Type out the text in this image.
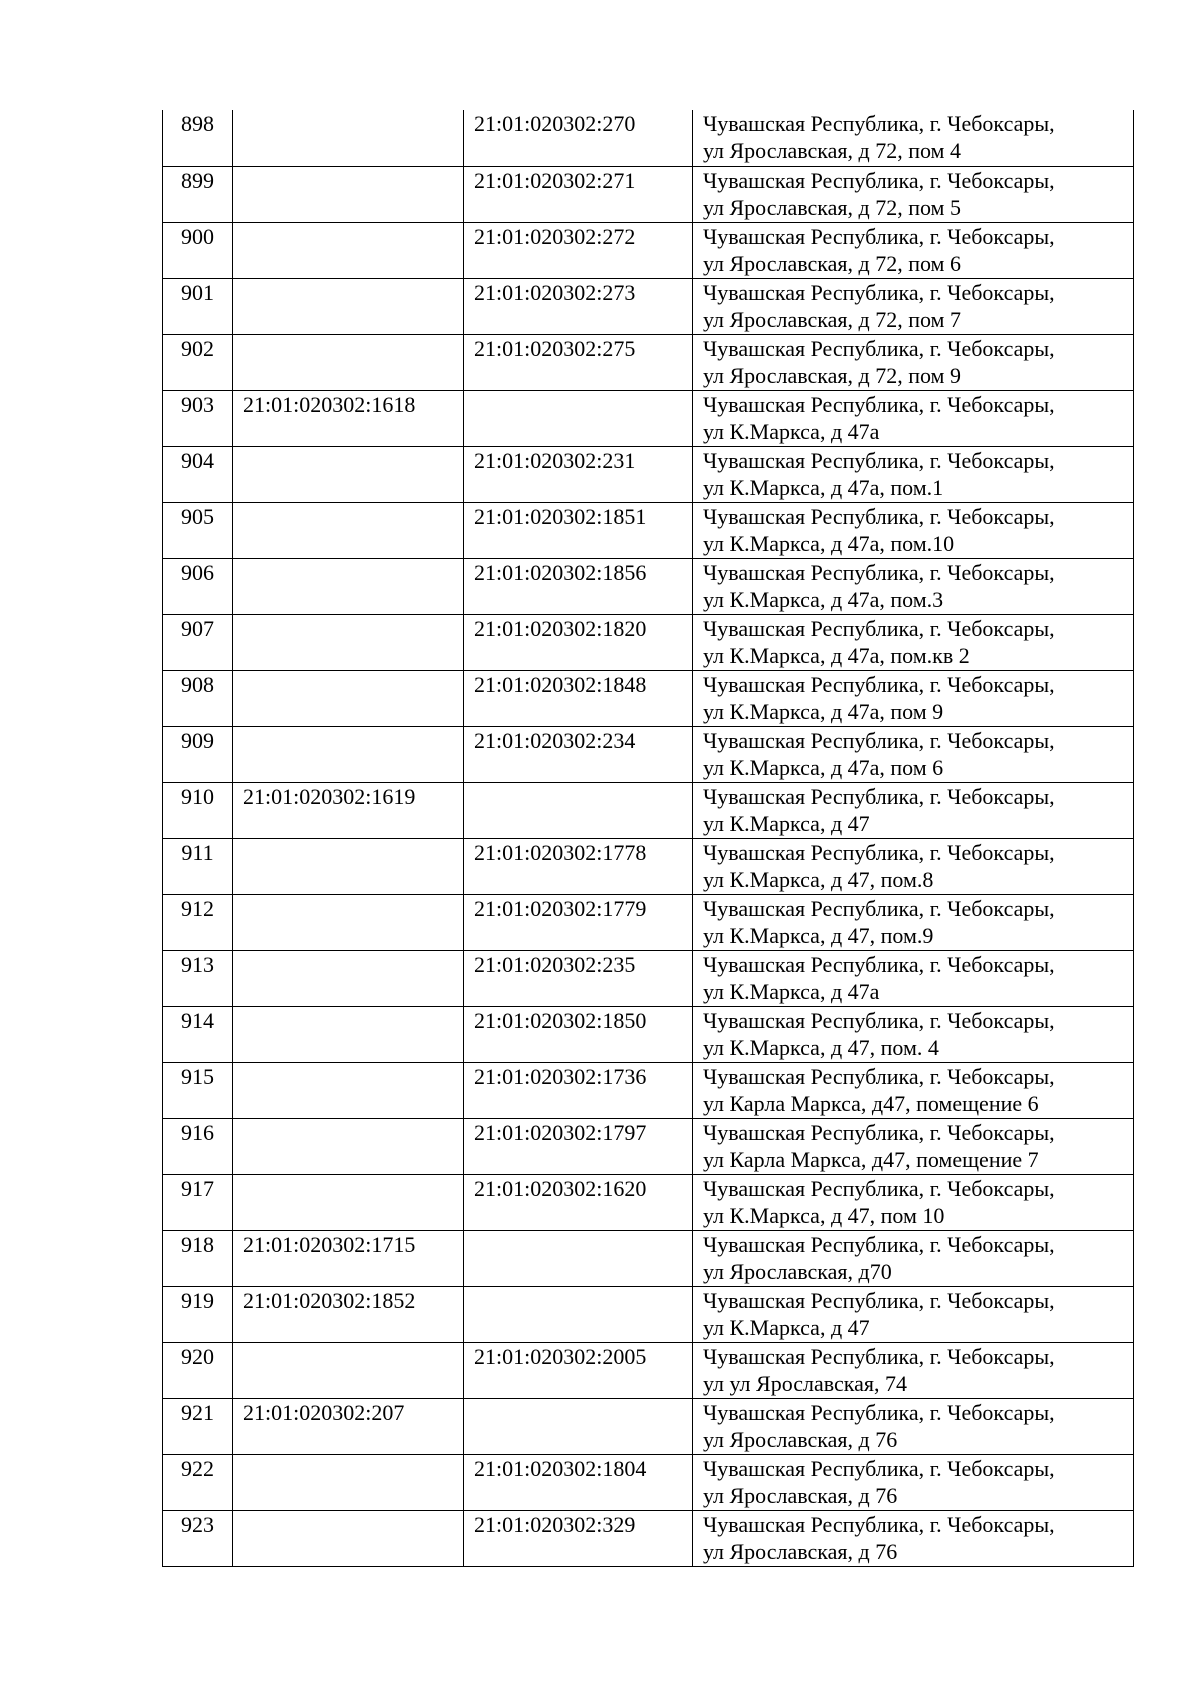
898		21:01:020302:270	Чувашская Республика, г. Чебоксары,
ул Ярославская, д 72, пом 4

899		21:01:020302:271	Чувашская Республика, г. Чебоксары,
ул Ярославская, д 72, пом 5

900		21:01:020302:272	Чувашская Республика, г. Чебоксары,
ул Ярославская, д 72, пом 6

901		21:01:020302:273	Чувашская Республика, г. Чебоксары,
ул Ярославская, д 72, пом 7

902		21:01:020302:275	Чувашская Республика, г. Чебоксары,
ул Ярославская, д 72, пом 9

903	21:01:020302:1618		Чувашская Республика, г. Чебоксары,
ул К.Маркса, д 47а

904		21:01:020302:231	Чувашская Республика, г. Чебоксары,
ул К.Маркса, д 47а, пом.1

905		21:01:020302:1851	Чувашская Республика, г. Чебоксары,
ул К.Маркса, д 47а, пом.10

906		21:01:020302:1856	Чувашская Республика, г. Чебоксары,
ул К.Маркса, д 47а, пом.3

907		21:01:020302:1820	Чувашская Республика, г. Чебоксары,
ул К.Маркса, д 47а, пом.кв 2

908		21:01:020302:1848	Чувашская Республика, г. Чебоксары,
ул К.Маркса, д 47а, пом 9

909		21:01:020302:234	Чувашская Республика, г. Чебоксары,
ул К.Маркса, д 47а, пом 6

910	21:01:020302:1619		Чувашская Республика, г. Чебоксары,
ул К.Маркса, д 47

911		21:01:020302:1778	Чувашская Республика, г. Чебоксары,
ул К.Маркса, д 47, пом.8

912		21:01:020302:1779	Чувашская Республика, г. Чебоксары,
ул К.Маркса, д 47, пом.9

913		21:01:020302:235	Чувашская Республика, г. Чебоксары,
ул К.Маркса, д 47а

914		21:01:020302:1850	Чувашская Республика, г. Чебоксары,
ул К.Маркса, д 47, пом. 4

915		21:01:020302:1736	Чувашская Республика, г. Чебоксары,
ул Карла Маркса, д47, помещение 6

916		21:01:020302:1797	Чувашская Республика, г. Чебоксары,
ул Карла Маркса, д47, помещение 7

917		21:01:020302:1620	Чувашская Республика, г. Чебоксары,
ул К.Маркса, д 47, пом 10

918	21:01:020302:1715		Чувашская Республика, г. Чебоксары,
ул Ярославская, д70

919	21:01:020302:1852		Чувашская Республика, г. Чебоксары,
ул К.Маркса, д 47

920		21:01:020302:2005	Чувашская Республика, г. Чебоксары,
ул ул Ярославская, 74

921	21:01:020302:207		Чувашская Республика, г. Чебоксары,
ул Ярославская, д 76

922		21:01:020302:1804	Чувашская Республика, г. Чебоксары,
ул Ярославская, д 76

923		21:01:020302:329	Чувашская Республика, г. Чебоксары,
ул Ярославская, д 76
